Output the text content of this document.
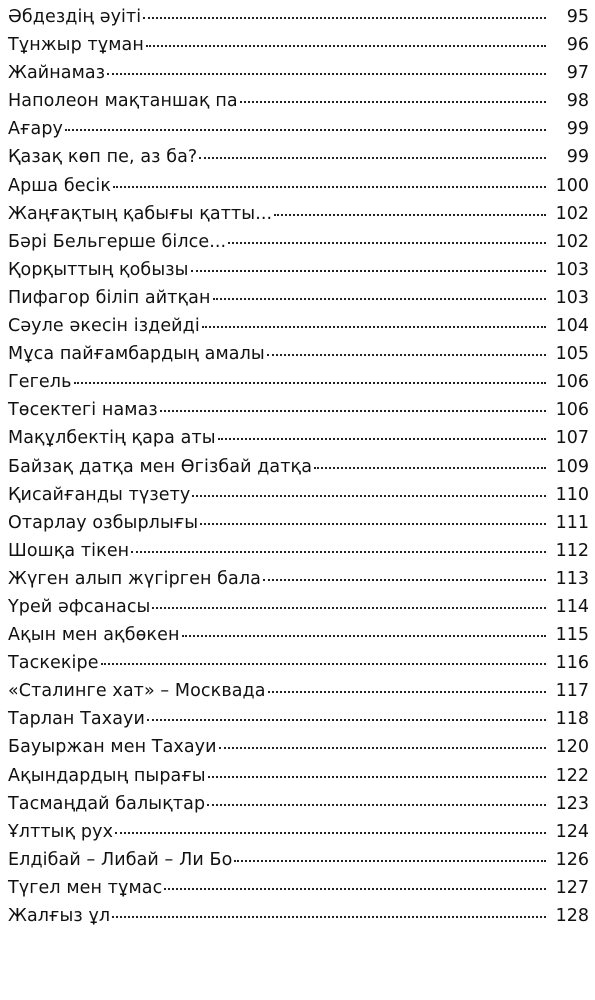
Әбдездің әуіті	95
Тұнжыр тұман	96
Жайнамаз	97
Наполеон мақтаншақ па	98
Ағару	99
Қазақ көп пе, аз ба?	99
Арша бесік	100
Жаңғақтың қабығы қатты...	102
Бәрі Бельгерше білсе...	102
Қорқыттың қобызы	103
Пифагор біліп айтқан	103
Сәуле әкесін іздейді	104
Мұса пайғамбардың амалы	105
Гегель	106
Төсектегі намаз	106
Мақұлбектің қара аты	107
Байзақ датқа мен Өгізбай датқа	109
Қисайғанды түзету	110
Отарлау озбырлығы	111
Шошқа тікен	112
Жүген алып жүгірген бала	113
Үрей әфсанасы	114
Ақын мен ақбөкен	115
Таскекіре	116
«Сталинге хат» – Москвада	117
Тарлан Тахауи	118
Бауыржан мен Тахауи	120
Ақындардың пырағы	122
Тасмаңдай балықтар	123
Ұлттық рух	124
Елдібай – Либай – Ли Бо	126
Түгел мен тұмас	127
Жалғыз ұл	128
